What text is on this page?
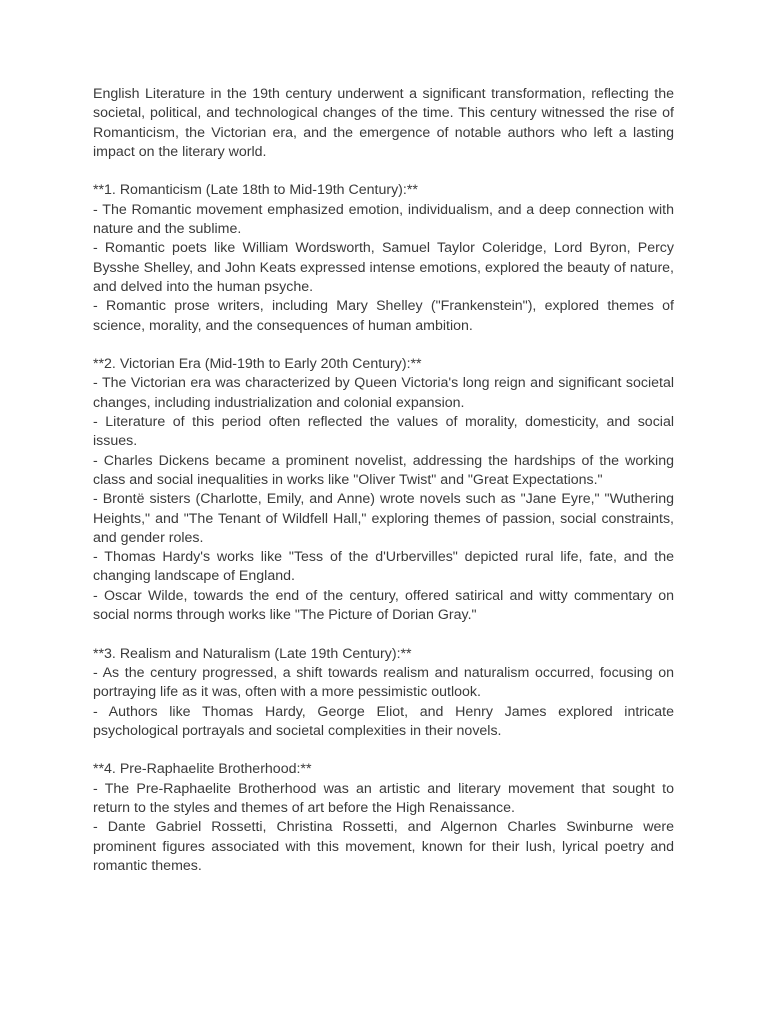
English Literature in the 19th century underwent a significant transformation, reflecting the societal, political, and technological changes of the time. This century witnessed the rise of Romanticism, the Victorian era, and the emergence of notable authors who left a lasting impact on the literary world.

**1. Romanticism (Late 18th to Mid-19th Century):**

- The Romantic movement emphasized emotion, individualism, and a deep connection with nature and the sublime.

- Romantic poets like William Wordsworth, Samuel Taylor Coleridge, Lord Byron, Percy Bysshe Shelley, and John Keats expressed intense emotions, explored the beauty of nature, and delved into the human psyche.

- Romantic prose writers, including Mary Shelley ("Frankenstein"), explored themes of science, morality, and the consequences of human ambition.

**2. Victorian Era (Mid-19th to Early 20th Century):**

- The Victorian era was characterized by Queen Victoria's long reign and significant societal changes, including industrialization and colonial expansion.

- Literature of this period often reflected the values of morality, domesticity, and social issues.

- Charles Dickens became a prominent novelist, addressing the hardships of the working class and social inequalities in works like "Oliver Twist" and "Great Expectations."

- Brontë sisters (Charlotte, Emily, and Anne) wrote novels such as "Jane Eyre," "Wuthering Heights," and "The Tenant of Wildfell Hall," exploring themes of passion, social constraints, and gender roles.

- Thomas Hardy's works like "Tess of the d'Urbervilles" depicted rural life, fate, and the changing landscape of England.

- Oscar Wilde, towards the end of the century, offered satirical and witty commentary on social norms through works like "The Picture of Dorian Gray."

**3. Realism and Naturalism (Late 19th Century):**

- As the century progressed, a shift towards realism and naturalism occurred, focusing on portraying life as it was, often with a more pessimistic outlook.

- Authors like Thomas Hardy, George Eliot, and Henry James explored intricate psychological portrayals and societal complexities in their novels.

**4. Pre-Raphaelite Brotherhood:**

- The Pre-Raphaelite Brotherhood was an artistic and literary movement that sought to return to the styles and themes of art before the High Renaissance.

- Dante Gabriel Rossetti, Christina Rossetti, and Algernon Charles Swinburne were prominent figures associated with this movement, known for their lush, lyrical poetry and romantic themes.
